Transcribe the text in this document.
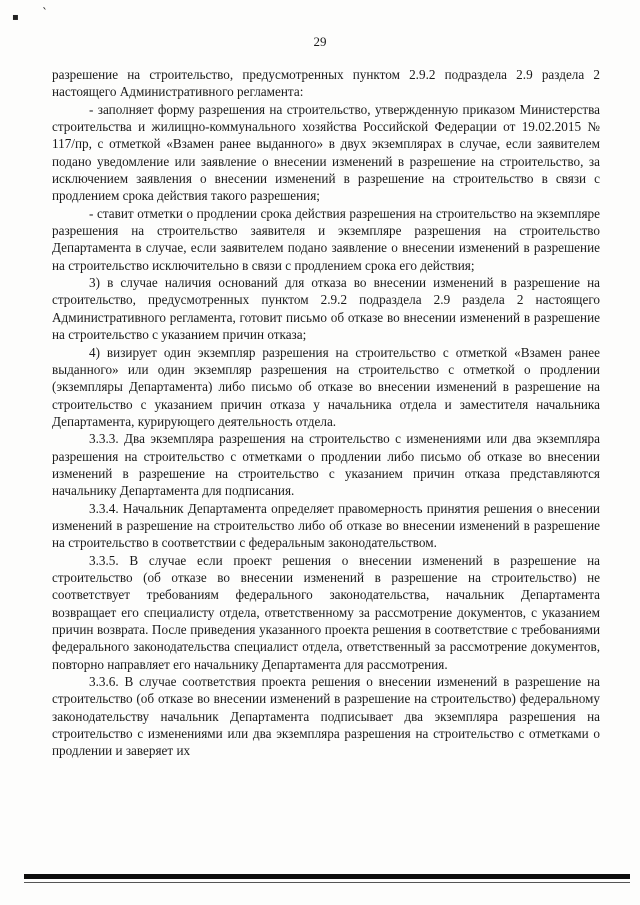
▪ ˋ
29

разрешение на строительство, предусмотренных пунктом 2.9.2 подраздела 2.9 раздела 2 настоящего Административного регламента:

- заполняет форму разрешения на строительство, утвержденную приказом Министерства строительства и жилищно-коммунального хозяйства Российской Федерации от 19.02.2015 № 117/пр, с отметкой «Взамен ранее выданного» в двух экземплярах в случае, если заявителем подано уведомление или заявление о внесении изменений в разрешение на строительство, за исключением заявления о внесении изменений в разрешение на строительство в связи с продлением срока действия такого разрешения;

- ставит отметки о продлении срока действия разрешения на строительство на экземпляре разрешения на строительство заявителя и экземпляре разрешения на строительство Департамента в случае, если заявителем подано заявление о внесении изменений в разрешение на строительство исключительно в связи с продлением срока его действия;

3) в случае наличия оснований для отказа во внесении изменений в разрешение на строительство, предусмотренных пунктом 2.9.2 подраздела 2.9 раздела 2 настоящего Административного регламента, готовит письмо об отказе во внесении изменений в разрешение на строительство с указанием причин отказа;

4) визирует один экземпляр разрешения на строительство с отметкой «Взамен ранее выданного» или один экземпляр разрешения на строительство с отметкой о продлении (экземпляры Департамента) либо письмо об отказе во внесении изменений в разрешение на строительство с указанием причин отказа у начальника отдела и заместителя начальника Департамента, курирующего деятельность отдела.

3.3.3. Два экземпляра разрешения на строительство с изменениями или два экземпляра разрешения на строительство с отметками о продлении либо письмо об отказе во внесении изменений в разрешение на строительство с указанием причин отказа представляются начальнику Департамента для подписания.

3.3.4. Начальник Департамента определяет правомерность принятия решения о внесении изменений в разрешение на строительство либо об отказе во внесении изменений в разрешение на строительство в соответствии с федеральным законодательством.

3.3.5. В случае если проект решения о внесении изменений в разрешение на строительство (об отказе во внесении изменений в разрешение на строительство) не соответствует требованиям федерального законодательства, начальник Департамента возвращает его специалисту отдела, ответственному за рассмотрение документов, с указанием причин возврата. После приведения указанного проекта решения в соответствие с требованиями федерального законодательства специалист отдела, ответственный за рассмотрение документов, повторно направляет его начальнику Департамента для рассмотрения.

3.3.6. В случае соответствия проекта решения о внесении изменений в разрешение на строительство (об отказе во внесении изменений в разрешение на строительство) федеральному законодательству начальник Департамента подписывает два экземпляра разрешения на строительство с изменениями или два экземпляра разрешения на строительство с отметками о продлении и заверяет их
